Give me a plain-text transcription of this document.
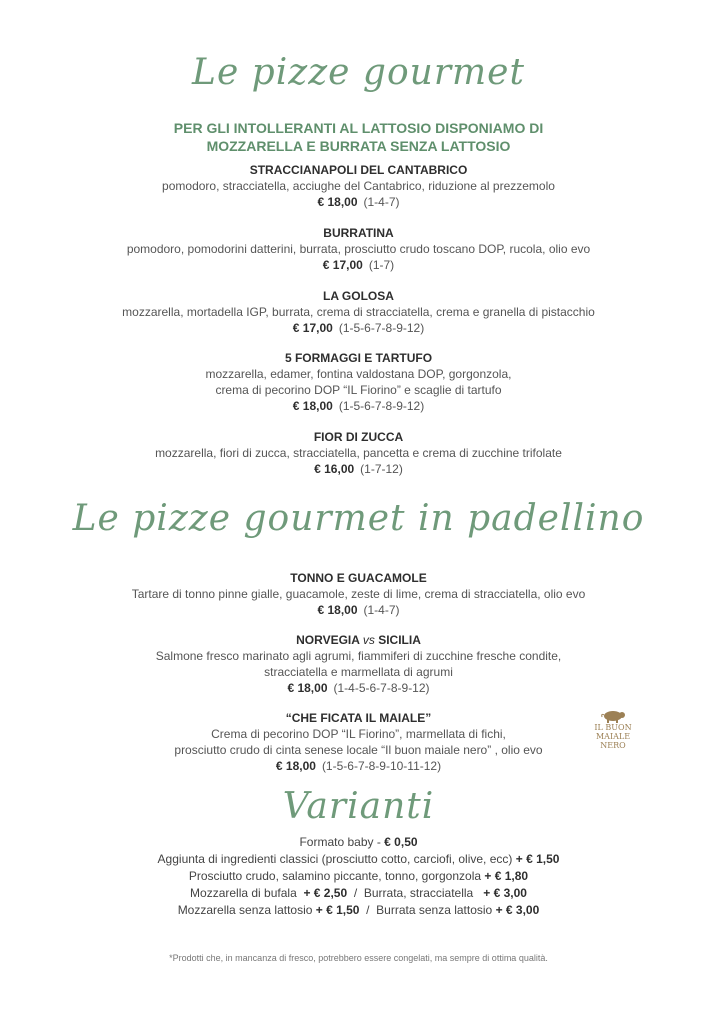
Le pizze gourmet
PER GLI INTOLLERANTI AL LATTOSIO DISPONIAMO DI
MOZZARELLA E BURRATA SENZA LATTOSIO
STRACCIANAPOLI DEL CANTABRICO
pomodoro, stracciatella, acciughe del Cantabrico, riduzione al prezzemolo
€ 18,00 (1-4-7)
BURRATINA
pomodoro, pomodorini datterini, burrata, prosciutto crudo toscano DOP, rucola, olio evo
€ 17,00 (1-7)
LA GOLOSA
mozzarella, mortadella IGP, burrata, crema di stracciatella, crema e granella di pistacchio
€ 17,00 (1-5-6-7-8-9-12)
5 FORMAGGI E TARTUFO
mozzarella, edamer, fontina valdostana DOP, gorgonzola,
crema di pecorino DOP “IL Fiorino” e scaglie di tartufo
€ 18,00 (1-5-6-7-8-9-12)
FIOR DI ZUCCA
mozzarella, fiori di zucca, stracciatella, pancetta e crema di zucchine trifolate
€ 16,00 (1-7-12)
Le pizze gourmet in padellino
TONNO E GUACAMOLE
Tartare di tonno pinne gialle, guacamole, zeste di lime, crema di stracciatella, olio evo
€ 18,00 (1-4-7)
NORVEGIA vs SICILIA
Salmone fresco marinato agli agrumi, fiammiferi di zucchine fresche condite,
stracciatella e marmellata di agrumi
€ 18,00 (1-4-5-6-7-8-9-12)
“CHE FICATA IL MAIALE”
Crema di pecorino DOP “IL Fiorino”, marmellata di fichi,
prosciutto crudo di cinta senese locale “Il buon maiale nero” , olio evo
€ 18,00 (1-5-6-7-8-9-10-11-12)
IL BUON MAIALE
NERO
Varianti
Formato baby - € 0,50
Aggiunta di ingredienti classici (prosciutto cotto, carciofi, olive, ecc) + € 1,50
Prosciutto crudo, salamino piccante, tonno, gorgonzola + € 1,80
Mozzarella di bufala + € 2,50 / Burrata, stracciatella + € 3,00
Mozzarella senza lattosio + € 1,50 / Burrata senza lattosio + € 3,00
*Prodotti che, in mancanza di fresco, potrebbero essere congelati, ma sempre di ottima qualità.
